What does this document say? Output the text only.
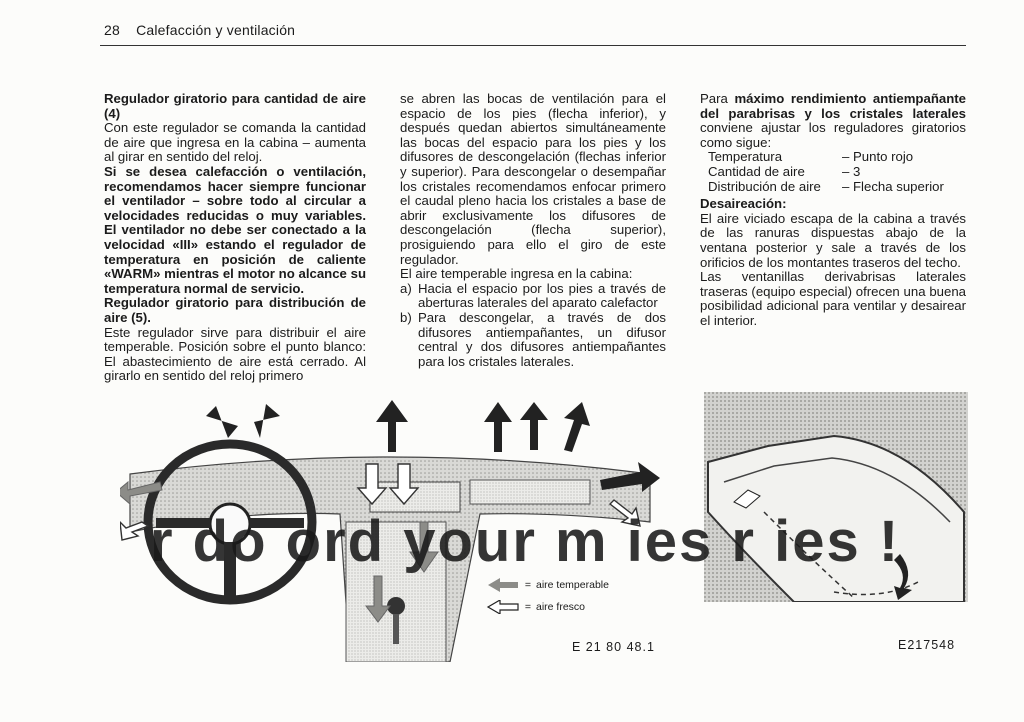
28 Calefacción y ventilación

Regulador giratorio para cantidad de aire (4)

Con este regulador se comanda la cantidad de aire que ingresa en la cabina – aumenta al girar en sentido del reloj.

Si se desea calefacción o ventilación, recomendamos hacer siempre funcionar el ventilador – sobre todo al circular a velocidades reducidas o muy variables. El ventilador no debe ser conectado a la velocidad «III» estando el regulador de temperatura en posición de caliente «WARM» mientras el motor no alcance su temperatura normal de servicio.

Regulador giratorio para distribución de aire (5).

Este regulador sirve para distribuir el aire temperable. Posición sobre el punto blanco: El abastecimiento de aire está cerrado. Al girarlo en sentido del reloj primero

se abren las bocas de ventilación para el espacio de los pies (flecha inferior), y después quedan abiertos simultáneamente las bocas del espacio para los pies y los difusores de descongelación (flechas inferior y superior). Para descongelar o desempañar los cristales recomendamos enfocar primero el caudal pleno hacia los cristales a base de abrir exclusivamente los difusores de descongelación (flecha superior), prosiguiendo para ello el giro de este regulador.

El aire temperable ingresa en la cabina:

a) Hacia el espacio por los pies a través de aberturas laterales del aparato calefactor
b) Para descongelar, a través de dos difusores antiempañantes, un difusor central y dos difusores antiempañantes para los cristales laterales.

Para máximo rendimiento antiempañante del parabrisas y los cristales laterales conviene ajustar los reguladores giratorios como sigue:

Temperatura	– Punto rojo
Cantidad de aire	– 3
Distribución de aire	– Flecha superior

Desaireación:

El aire viciado escapa de la cabina a través de las ranuras dispuestas abajo de la ventana posterior y sale a través de los orificios de los montantes traseros del techo.

Las ventanillas derivabrisas laterales traseras (equipo especial) ofrecen una buena posibilidad adicional para ventilar y desairear el interior.

= aire temperable
= aire fresco
E 21 80 48.1	E217548
r do ord your m ies r ies !
